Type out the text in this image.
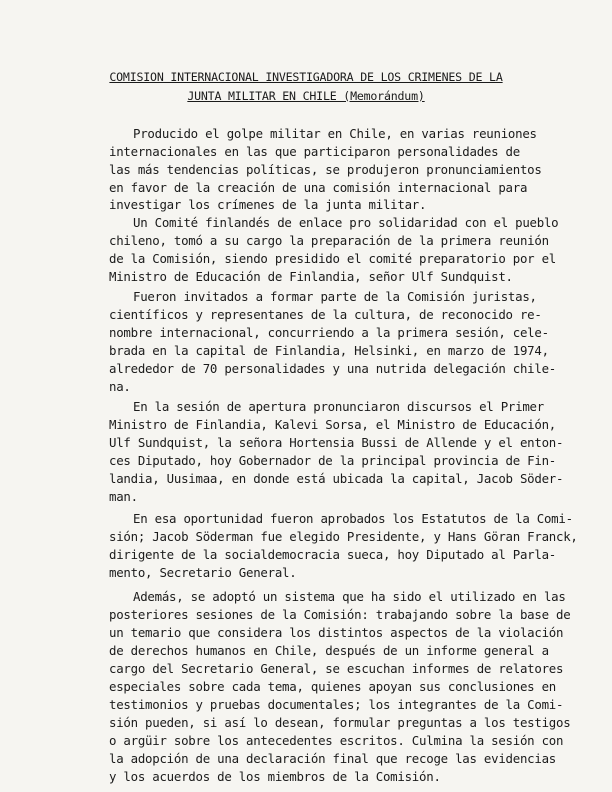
COMISION INTERNACIONAL INVESTIGADORA DE LOS CRIMENES DE LA
JUNTA MILITAR EN CHILE (Memorándum)
Producido el golpe militar en Chile, en varias reuniones
internacionales en las que participaron personalidades de
las más tendencias políticas, se produjeron pronunciamientos
en favor de la creación de una comisión internacional para
investigar los crímenes de la junta militar.
Un Comité finlandés de enlace pro solidaridad con el pueblo
chileno, tomó a su cargo la preparación de la primera reunión
de la Comisión, siendo presidido el comité preparatorio por el
Ministro de Educación de Finlandia, señor Ulf Sundquist.
Fueron invitados a formar parte de la Comisión juristas,
científicos y representanes de la cultura, de reconocido re-
nombre internacional, concurriendo a la primera sesión, cele-
brada en la capital de Finlandia, Helsinki, en marzo de 1974,
alrededor de 70 personalidades y una nutrida delegación chile-
na.
En la sesión de apertura pronunciaron discursos el Primer
Ministro de Finlandia, Kalevi Sorsa, el Ministro de Educación,
Ulf Sundquist, la señora Hortensia Bussi de Allende y el enton-
ces Diputado, hoy Gobernador de la principal provincia de Fin-
landia, Uusimaa, en donde está ubicada la capital, Jacob Söder-
man.
En esa oportunidad fueron aprobados los Estatutos de la Comi-
sión; Jacob Söderman fue elegido Presidente, y Hans Göran Franck,
dirigente de la socialdemocracia sueca, hoy Diputado al Parla-
mento, Secretario General.
Además, se adoptó un sistema que ha sido el utilizado en las
posteriores sesiones de la Comisión: trabajando sobre la base de
un temario que considera los distintos aspectos de la violación
de derechos humanos en Chile, después de un informe general a
cargo del Secretario General, se escuchan informes de relatores
especiales sobre cada tema, quienes apoyan sus conclusiones en
testimonios y pruebas documentales; los integrantes de la Comi-
sión pueden, si así lo desean, formular preguntas a los testigos
o argüir sobre los antecedentes escritos. Culmina la sesión con
la adopción de una declaración final que recoge las evidencias
y los acuerdos de los miembros de la Comisión.
